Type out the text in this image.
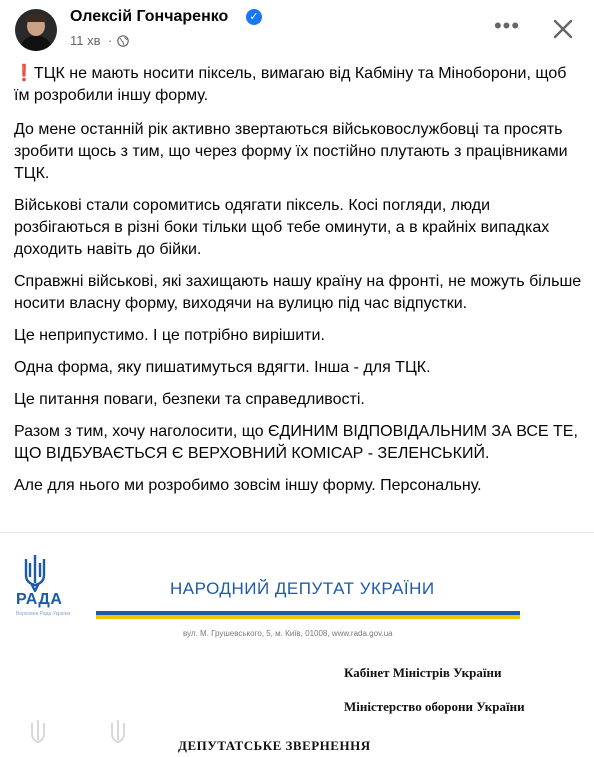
Олексій Гончаренко	✓
11 хв ·
•••

❗ТЦК не мають носити піксель, вимагаю від Кабміну та Міноборони, щоб їм розробили іншу форму.

До мене останній рік активно звертаються військовослужбовці та просять зробити щось з тим, що через форму їх постійно плутають з працівниками ТЦК.

Військові стали соромитись одягати піксель. Косі погляди, люди розбігаються в різні боки тільки щоб тебе оминути, а в крайніх випадках доходить навіть до бійки.

Справжні військові, які захищають нашу країну на фронті, не можуть більше носити власну форму, виходячи на вулицю під час відпустки.

Це неприпустимо. І це потрібно вирішити.

Одна форма, яку пишатимуться вдягти. Інша - для ТЦК.

Це питання поваги, безпеки та справедливості.

Разом з тим, хочу наголосити, що ЄДИНИМ ВІДПОВІДАЛЬНИМ ЗА ВСЕ ТЕ, ЩО ВІДБУВАЄТЬСЯ Є ВЕРХОВНИЙ КОМІСАР - ЗЕЛЕНСЬКИЙ.

Але для нього ми розробимо зовсім іншу форму. Персональну.

РАДА
Верховна Рада України
НАРОДНИЙ ДЕПУТАТ УКРАЇНИ
вул. М. Грушевського, 5, м. Київ, 01008, www.rada.gov.ua
Кабінет Міністрів України
Міністерство оборони України
ДЕПУТАТСЬКЕ ЗВЕРНЕННЯ
